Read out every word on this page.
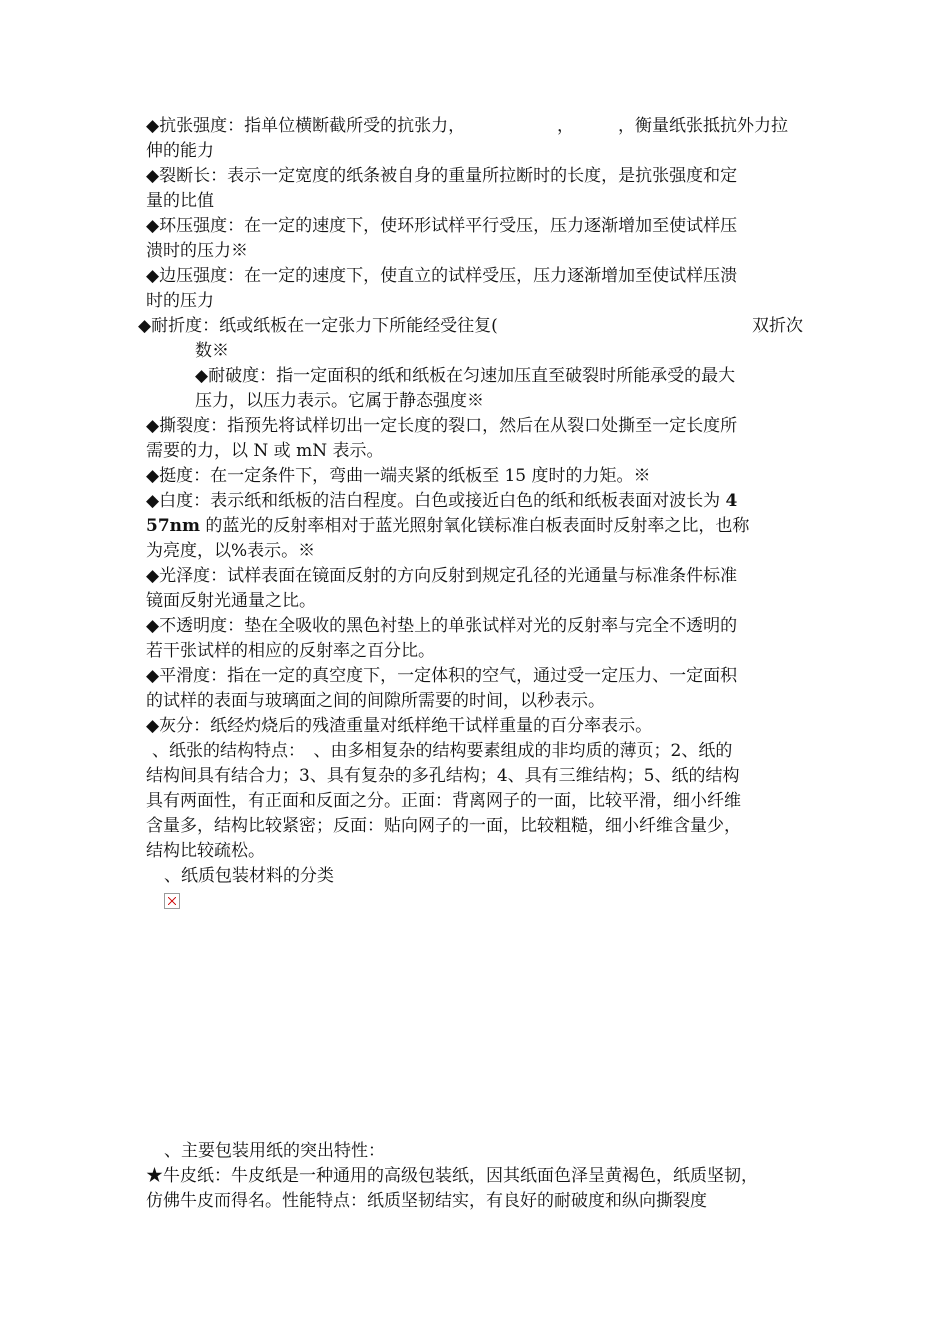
◆抗张强度：指单位横断截所受的抗张力，	，	，衡量纸张抵抗外力拉
伸的能力
◆裂断长：表示一定宽度的纸条被自身的重量所拉断时的长度，是抗张强度和定
量的比值
◆环压强度：在一定的速度下，使环形试样平行受压，压力逐渐增加至使试样压
溃时的压力※
◆边压强度：在一定的速度下，使直立的试样受压，压力逐渐增加至使试样压溃
时的压力
◆耐折度：纸或纸板在一定张力下所能经受往复(	双折次
数※
◆耐破度：指一定面积的纸和纸板在匀速加压直至破裂时所能承受的最大
压力，以压力表示。它属于静态强度※
◆撕裂度：指预先将试样切出一定长度的裂口，然后在从裂口处撕至一定长度所
需要的力，以 N 或 mN 表示。
◆挺度：在一定条件下，弯曲一端夹紧的纸板至 15 度时的力矩。※
◆白度：表示纸和纸板的洁白程度。白色或接近白色的纸和纸板表面对波长为 4
57nm 的蓝光的反射率相对于蓝光照射氧化镁标准白板表面时反射率之比，也称
为亮度，以%表示。※
◆光泽度：试样表面在镜面反射的方向反射到规定孔径的光通量与标准条件标准
镜面反射光通量之比。
◆不透明度：垫在全吸收的黑色衬垫上的单张试样对光的反射率与完全不透明的
若干张试样的相应的反射率之百分比。
◆平滑度：指在一定的真空度下，一定体积的空气，通过受一定压力、一定面积
的试样的表面与玻璃面之间的间隙所需要的时间，以秒表示。
◆灰分：纸经灼烧后的残渣重量对纸样绝干试样重量的百分率表示。
、纸张的结构特点：　、由多相复杂的结构要素组成的非均质的薄页；2、纸的
结构间具有结合力；3、具有复杂的多孔结构；4、具有三维结构；5、纸的结构
具有两面性，有正面和反面之分。正面：背离网子的一面，比较平滑，细小纤维
含量多，结构比较紧密；反面：贴向网子的一面，比较粗糙，细小纤维含量少，
结构比较疏松。
、纸质包装材料的分类
、主要包装用纸的突出特性：
★牛皮纸：牛皮纸是一种通用的高级包装纸，因其纸面色泽呈黄褐色，纸质坚韧，
仿佛牛皮而得名。性能特点：纸质坚韧结实，有良好的耐破度和纵向撕裂度
